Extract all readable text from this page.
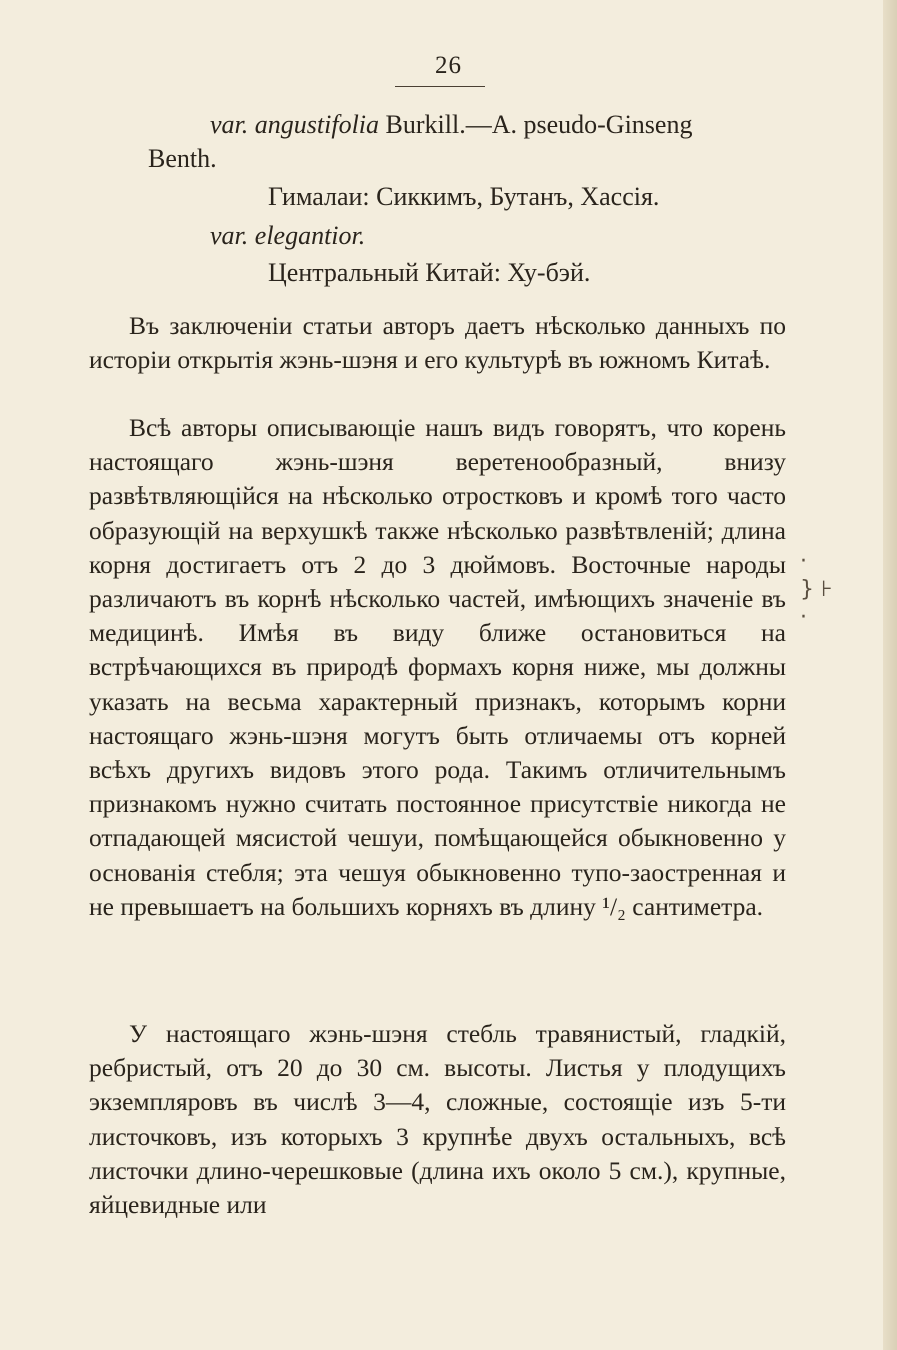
26
var. angustifolia Burkill.—A. pseudo-Ginseng
Benth.
Гималаи: Сиккимъ, Бутанъ, Хассія.
var. elegantior.
Центральный Китай: Ху-бэй.
Въ заключеніи статьи авторъ даетъ нѣсколько данныхъ по исторіи открытія жэнь-шэня и его культурѣ въ южномъ Китаѣ.
Всѣ авторы описывающіе нашъ видъ говорятъ, что корень настоящаго жэнь-шэня веретенообразный, внизу развѣтвляющійся на нѣсколько отростковъ и кромѣ того часто образующій на верхушкѣ также нѣсколько развѣтвленій; длина корня достигаетъ отъ 2 до 3 дюймовъ. Восточные народы различаютъ въ корнѣ нѣсколько частей, имѣющихъ значеніе въ медицинѣ. Имѣя въ виду ближе остановиться на встрѣчающихся въ природѣ формахъ корня ниже, мы должны указать на весьма характерный признакъ, которымъ корни настоящаго жэнь-шэня могутъ быть отличаемы отъ корней всѣхъ другихъ видовъ этого рода. Такимъ отличительнымъ признакомъ нужно считать постоянное присутствіе никогда не отпадающей мясистой чешуи, помѣщающейся обыкновенно у основанія стебля; эта чешуя обыкновенно тупо-заостренная и не превышаетъ на большихъ корняхъ въ длину ¹/₂ сантиметра.
У настоящаго жэнь-шэня стебль травянистый, гладкій, ребристый, отъ 20 до 30 см. высоты. Листья у плодущихъ экземпляровъ въ числѣ 3—4, сложные, состоящіе изъ 5-ти листочковъ, изъ которыхъ 3 крупнѣе двухъ остальныхъ, всѣ листочки длино-черешковые (длина ихъ около 5 см.), крупные, яйцевидные или
·
} ⊦
·
